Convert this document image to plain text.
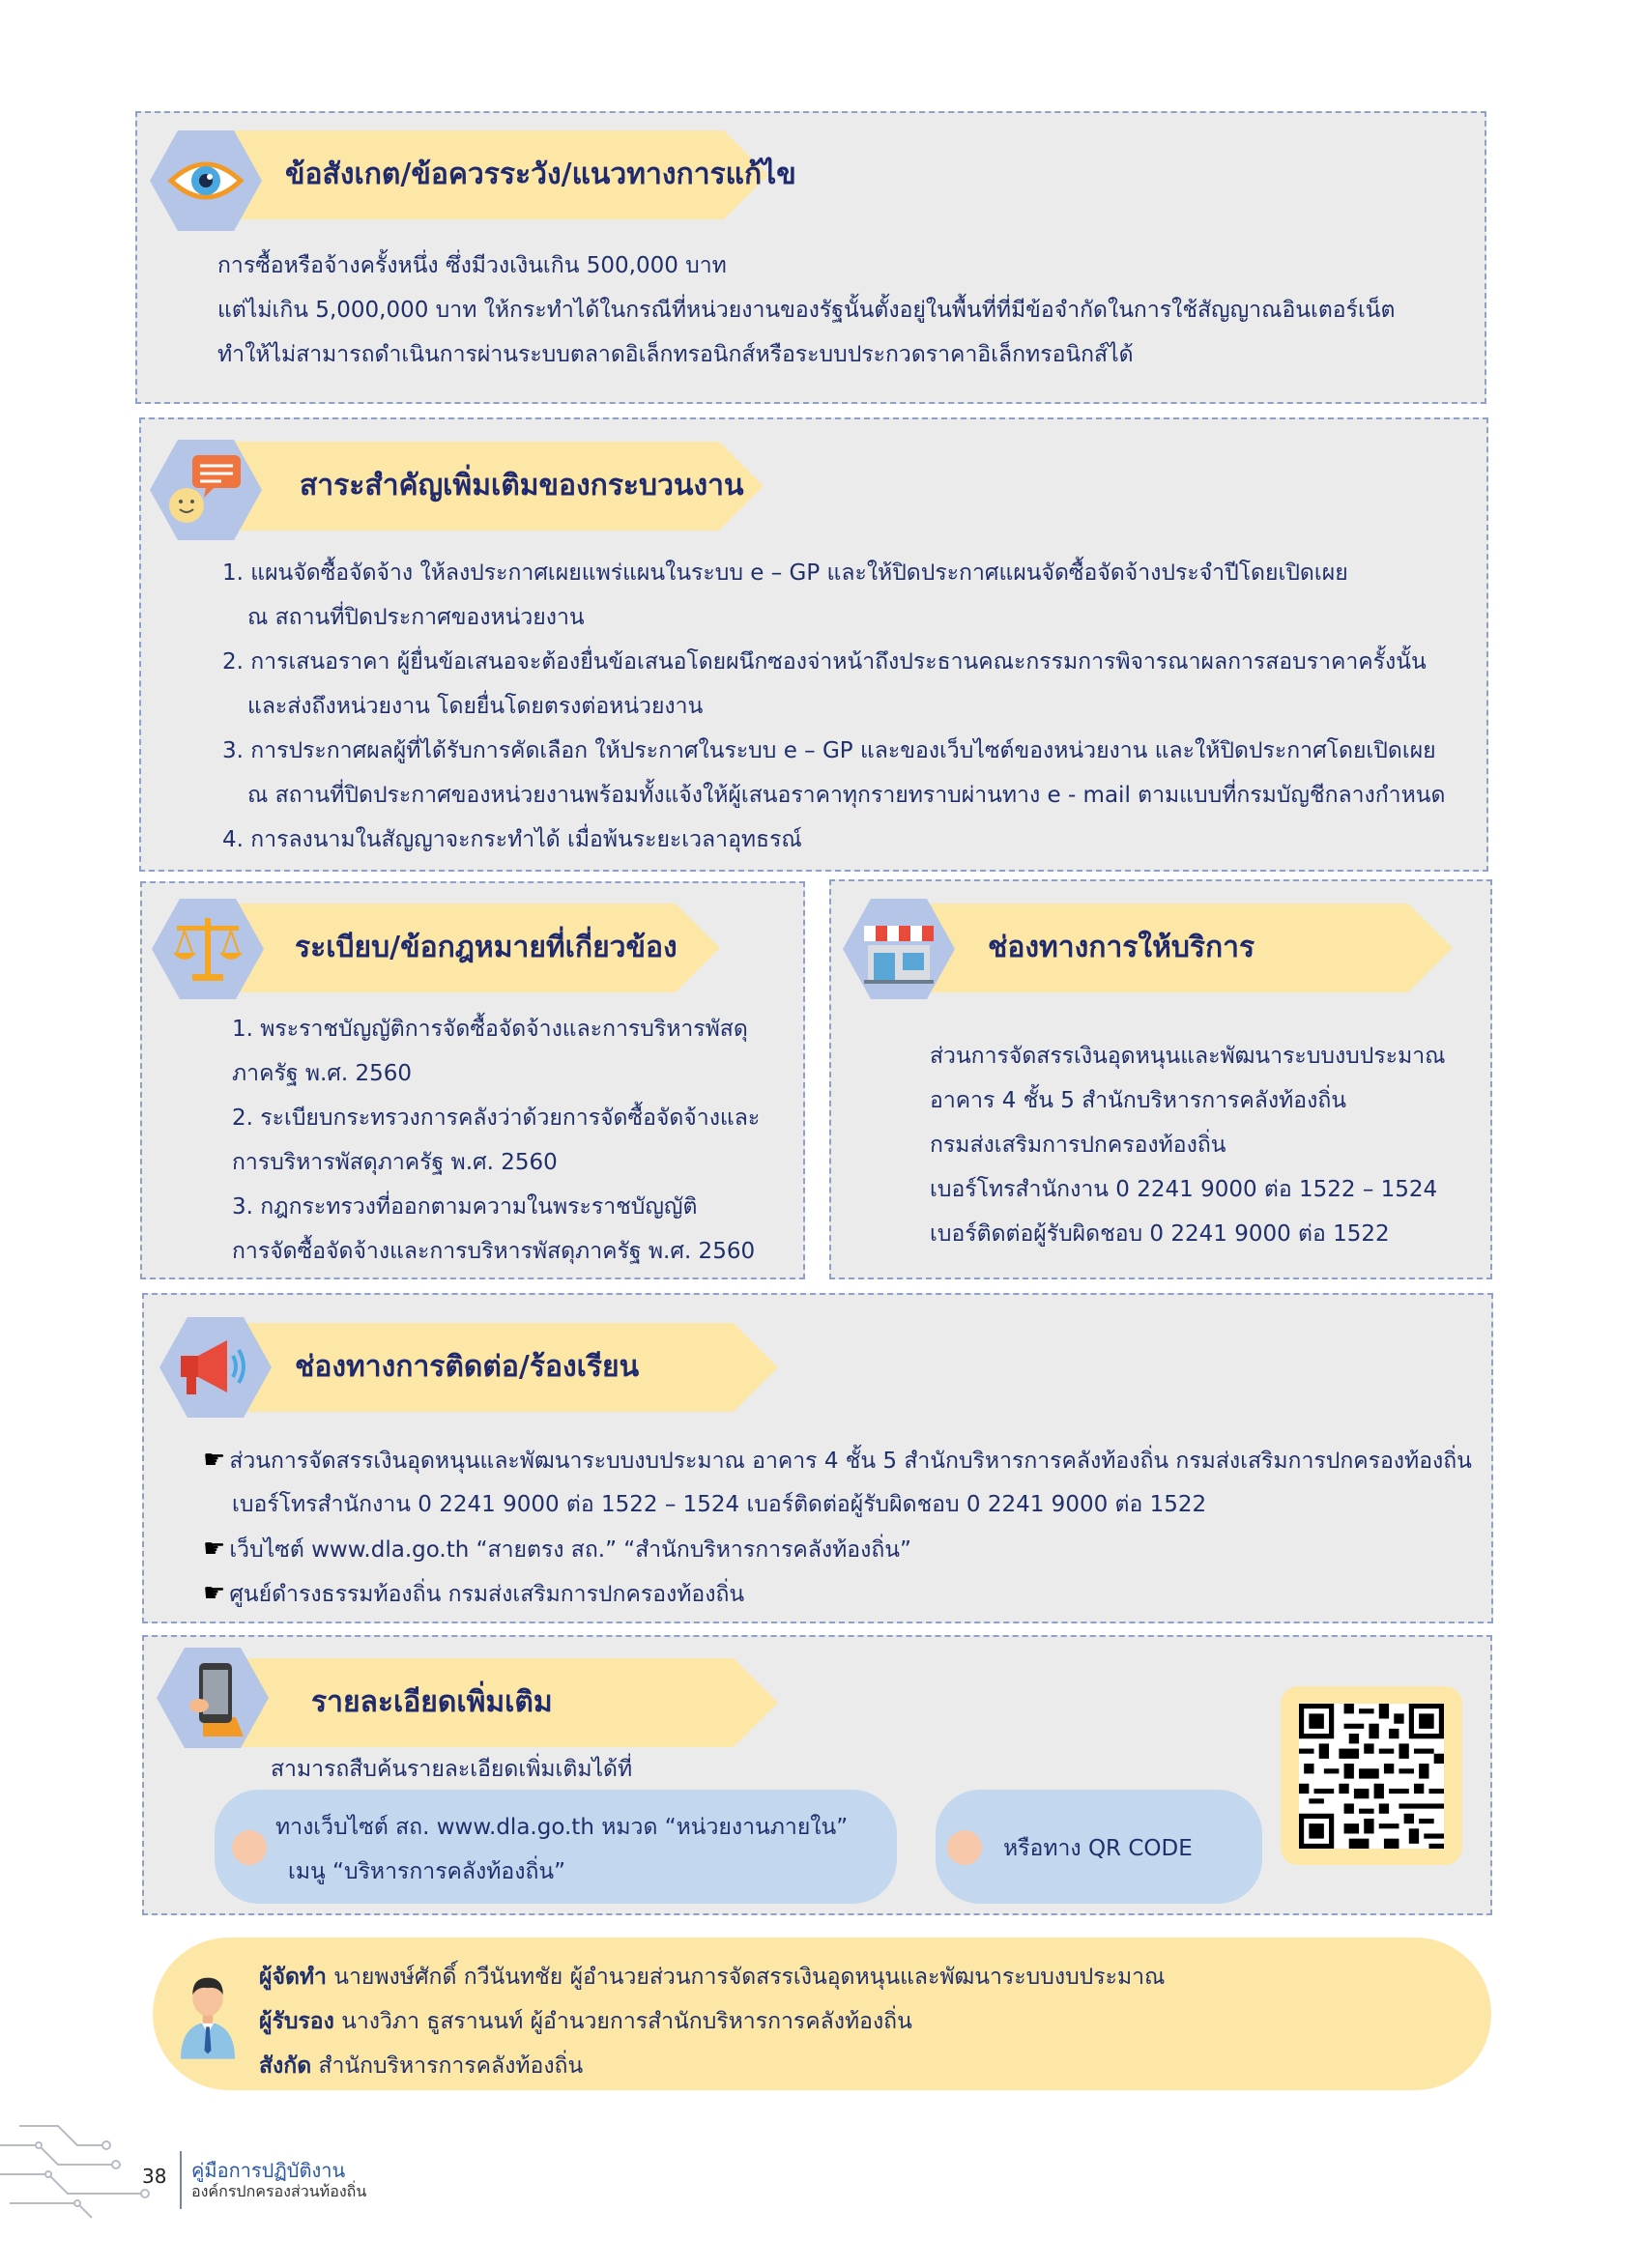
ข้อสังเกต/ข้อควรระวัง/แนวทางการแก้ไข
การซื้อหรือจ้างครั้งหนึ่ง ซึ่งมีวงเงินเกิน 500,000 บาท
แต่ไม่เกิน 5,000,000 บาท ให้กระทำได้ในกรณีที่หน่วยงานของรัฐนั้นตั้งอยู่ในพื้นที่ที่มีข้อจำกัดในการใช้สัญญาณอินเตอร์เน็ต
ทำให้ไม่สามารถดำเนินการผ่านระบบตลาดอิเล็กทรอนิกส์หรือระบบประกวดราคาอิเล็กทรอนิกส์ได้
สาระสำคัญเพิ่มเติมของกระบวนงาน
1. แผนจัดซื้อจัดจ้าง ให้ลงประกาศเผยแพร่แผนในระบบ e – GP และให้ปิดประกาศแผนจัดซื้อจัดจ้างประจำปีโดยเปิดเผย
ณ สถานที่ปิดประกาศของหน่วยงาน
2. การเสนอราคา ผู้ยื่นข้อเสนอจะต้องยื่นข้อเสนอโดยผนึกซองจ่าหน้าถึงประธานคณะกรรมการพิจารณาผลการสอบราคาครั้งนั้น
และส่งถึงหน่วยงาน โดยยื่นโดยตรงต่อหน่วยงาน
3. การประกาศผลผู้ที่ได้รับการคัดเลือก ให้ประกาศในระบบ e – GP และของเว็บไซต์ของหน่วยงาน และให้ปิดประกาศโดยเปิดเผย
ณ สถานที่ปิดประกาศของหน่วยงานพร้อมทั้งแจ้งให้ผู้เสนอราคาทุกรายทราบผ่านทาง e - mail ตามแบบที่กรมบัญชีกลางกำหนด
4. การลงนามในสัญญาจะกระทำได้ เมื่อพ้นระยะเวลาอุทธรณ์
ระเบียบ/ข้อกฎหมายที่เกี่ยวข้อง
1. พระราชบัญญัติการจัดซื้อจัดจ้างและการบริหารพัสดุ
ภาครัฐ พ.ศ. 2560
2. ระเบียบกระทรวงการคลังว่าด้วยการจัดซื้อจัดจ้างและ
การบริหารพัสดุภาครัฐ พ.ศ. 2560
3. กฎกระทรวงที่ออกตามความในพระราชบัญญัติ
การจัดซื้อจัดจ้างและการบริหารพัสดุภาครัฐ พ.ศ. 2560
ช่องทางการให้บริการ
ส่วนการจัดสรรเงินอุดหนุนและพัฒนาระบบงบประมาณ
อาคาร 4 ชั้น 5 สำนักบริหารการคลังท้องถิ่น
กรมส่งเสริมการปกครองท้องถิ่น
เบอร์โทรสำนักงาน 0 2241 9000 ต่อ 1522 – 1524
เบอร์ติดต่อผู้รับผิดชอบ 0 2241 9000 ต่อ 1522
ช่องทางการติดต่อ/ร้องเรียน
☛ ส่วนการจัดสรรเงินอุดหนุนและพัฒนาระบบงบประมาณ อาคาร 4 ชั้น 5 สำนักบริหารการคลังท้องถิ่น กรมส่งเสริมการปกครองท้องถิ่น
เบอร์โทรสำนักงาน 0 2241 9000 ต่อ 1522 – 1524 เบอร์ติดต่อผู้รับผิดชอบ 0 2241 9000 ต่อ 1522
☛ เว็บไซต์ www.dla.go.th “สายตรง สถ.” “สำนักบริหารการคลังท้องถิ่น”
☛ ศูนย์ดำรงธรรมท้องถิ่น กรมส่งเสริมการปกครองท้องถิ่น
รายละเอียดเพิ่มเติม
สามารถสืบค้นรายละเอียดเพิ่มเติมได้ที่
ทางเว็บไซต์ สถ. www.dla.go.th หมวด “หน่วยงานภายใน”
เมนู “บริหารการคลังท้องถิ่น”
หรือทาง QR CODE
ผู้จัดทำ นายพงษ์ศักดิ์ กวีนันทชัย ผู้อำนวยส่วนการจัดสรรเงินอุดหนุนและพัฒนาระบบงบประมาณ
ผู้รับรอง นางวิภา ธูสรานนท์ ผู้อำนวยการสำนักบริหารการคลังท้องถิ่น
สังกัด สำนักบริหารการคลังท้องถิ่น
38 คู่มือการปฏิบัติงาน
องค์กรปกครองส่วนท้องถิ่น
